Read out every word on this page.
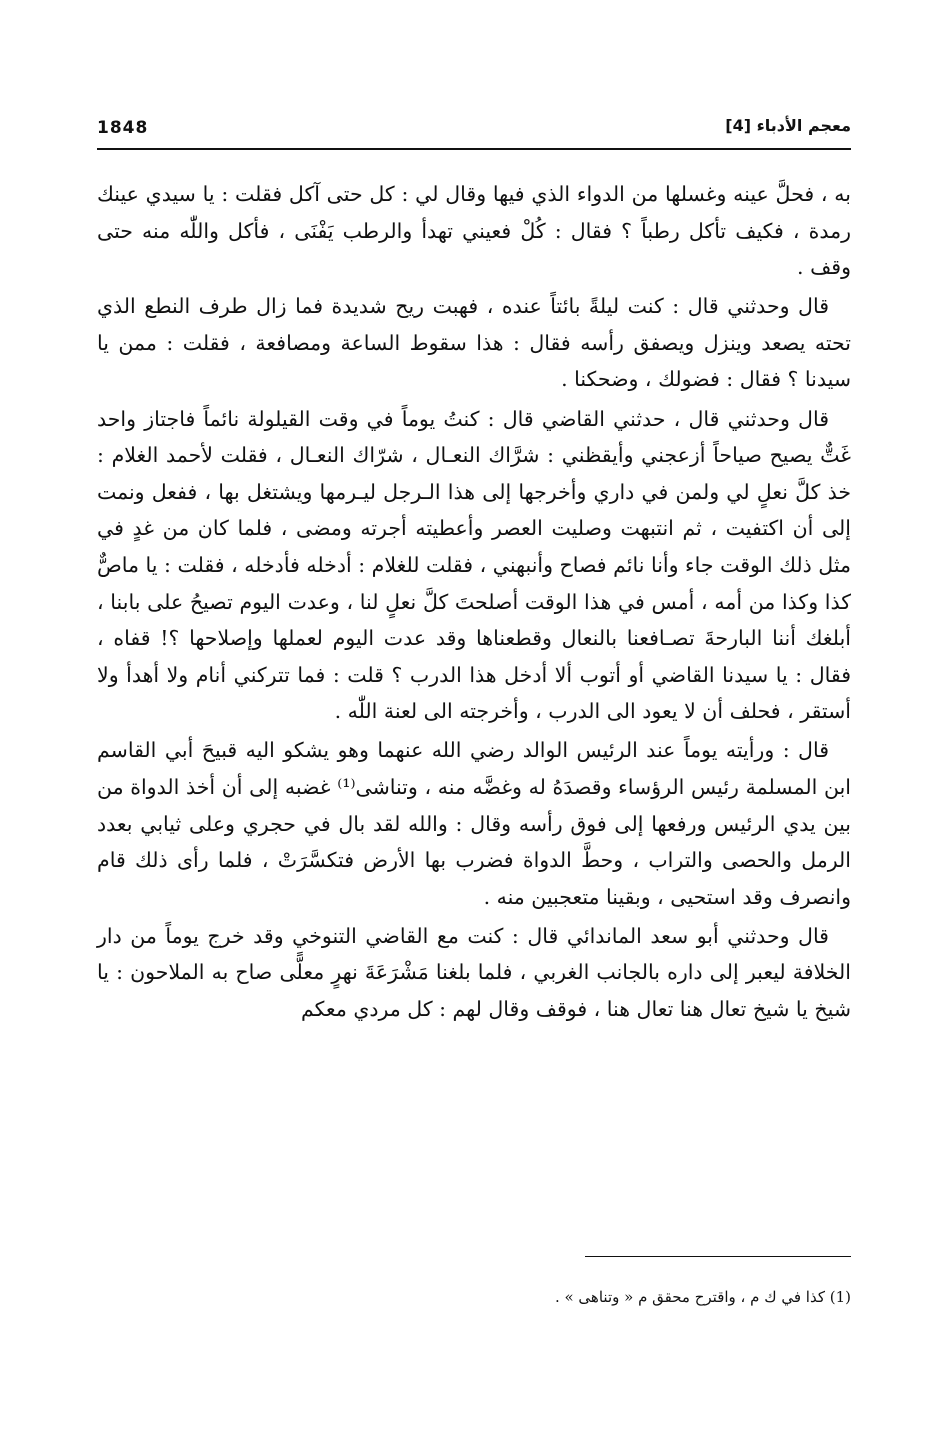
1848	معجم الأدباء [4]

به ، فحلَّ عينه وغسلها من الدواء الذي فيها وقال لي : كل حتى آكل فقلت : يا سيدي عينك رمدة ، فكيف تأكل رطباً ؟ فقال : كُلْ فعيني تهدأ والرطب يَفْنَى ، فأكل واللّٰه منه حتى وقف .

قال وحدثني قال : كنت ليلةً بائتاً عنده ، فهبت ريح شديدة فما زال طرف النطع الذي تحته يصعد وينزل ويصفق رأسه فقال : هذا سقوط الساعة ومصافعة ، فقلت : ممن يا سيدنا ؟ فقال : فضولك ، وضحكنا .

قال وحدثني قال ، حدثني القاضي قال : كنتُ يوماً في وقت القيلولة نائماً فاجتاز واحد غَتٌّ يصيح صياحاً أزعجني وأيقظني : شرَّاك النعـال ، شرّاك النعـال ، فقلت لأحمد الغلام : خذ كلَّ نعلٍ لي ولمن في داري وأخرجها إلى هذا الـرجل ليـرمها ويشتغل بها ، ففعل ونمت إلى أن اكتفيت ، ثم انتبهت وصليت العصر وأعطيته أجرته ومضى ، فلما كان من غدٍ في مثل ذلك الوقت جاء وأنا نائم فصاح وأنبهني ، فقلت للغلام : أدخله فأدخله ، فقلت : يا ماصٌّ كذا وكذا من أمه ، أمس في هذا الوقت أصلحتَ كلَّ نعلٍ لنا ، وعدت اليوم تصيحُ على بابنا ، أبلغك أننا البارحةَ تصـافعنا بالنعال وقطعناها وقد عدت اليوم لعملها وإصلاحها ؟! قفاه ، فقال : يا سيدنا القاضي أو أتوب ألا أدخل هذا الدرب ؟ قلت : فما تتركني أنام ولا أهدأ ولا أستقر ، فحلف أن لا يعود الى الدرب ، وأخرجته الى لعنة اللّٰه .

قال : ورأيته يوماً عند الرئيس الوالد رضي الله عنهما وهو يشكو اليه قبيحَ أبي القاسم ابن المسلمة رئيس الرؤساء وقصدَهُ له وغضَّه منه ، وتناشى⁽¹⁾ غضبه إلى أن أخذ الدواة من بين يدي الرئيس ورفعها إلى فوق رأسه وقال : والله لقد بال في حجري وعلى ثيابي بعدد الرمل والحصى والتراب ، وحطَّ الدواة فضرب بها الأرض فتكسَّرَتْ ، فلما رأى ذلك قام وانصرف وقد استحيى ، وبقينا متعجبين منه .

قال وحدثني أبو سعد الماندائي قال : كنت مع القاضي التنوخي وقد خرج يوماً من دار الخلافة ليعبر إلى داره بالجانب الغربي ، فلما بلغنا مَشْرَعَةَ نهرٍ معلًّى صاح به الملاحون : يا شيخ يا شيخ تعال هنا تعال هنا ، فوقف وقال لهم : كل مردي معكم

(1) كذا في ك م ، واقترح محقق م « وتناهى » .
